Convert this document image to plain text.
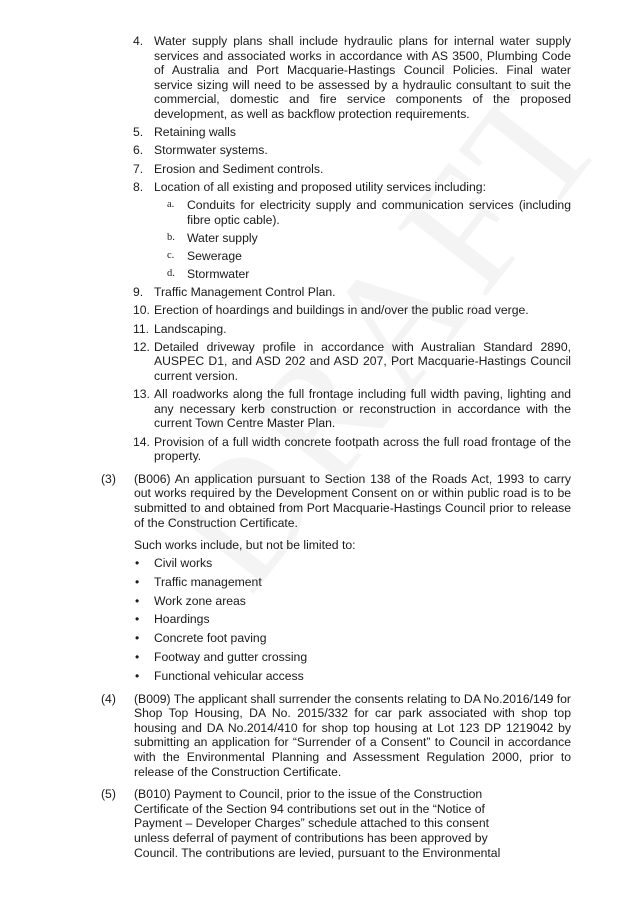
4. Water supply plans shall include hydraulic plans for internal water supply services and associated works in accordance with AS 3500, Plumbing Code of Australia and Port Macquarie-Hastings Council Policies. Final water service sizing will need to be assessed by a hydraulic consultant to suit the commercial, domestic and fire service components of the proposed development, as well as backflow protection requirements.
5. Retaining walls
6. Stormwater systems.
7. Erosion and Sediment controls.
8. Location of all existing and proposed utility services including:
a. Conduits for electricity supply and communication services (including fibre optic cable).
b. Water supply
c. Sewerage
d. Stormwater
9. Traffic Management Control Plan.
10. Erection of hoardings and buildings in and/over the public road verge.
11. Landscaping.
12. Detailed driveway profile in accordance with Australian Standard 2890, AUSPEC D1, and ASD 202 and ASD 207, Port Macquarie-Hastings Council current version.
13. All roadworks along the full frontage including full width paving, lighting and any necessary kerb construction or reconstruction in accordance with the current Town Centre Master Plan.
14. Provision of a full width concrete footpath across the full road frontage of the property.
(3) (B006) An application pursuant to Section 138 of the Roads Act, 1993 to carry out works required by the Development Consent on or within public road is to be submitted to and obtained from Port Macquarie-Hastings Council prior to release of the Construction Certificate.
Such works include, but not be limited to:
• Civil works
• Traffic management
• Work zone areas
• Hoardings
• Concrete foot paving
• Footway and gutter crossing
• Functional vehicular access
(4) (B009) The applicant shall surrender the consents relating to DA No.2016/149 for Shop Top Housing, DA No. 2015/332 for car park associated with shop top housing and DA No.2014/410 for shop top housing at Lot 123 DP 1219042 by submitting an application for “Surrender of a Consent” to Council in accordance with the Environmental Planning and Assessment Regulation 2000, prior to release of the Construction Certificate.
(5) (B010) Payment to Council, prior to the issue of the Construction
Certificate of the Section 94 contributions set out in the “Notice of
Payment – Developer Charges” schedule attached to this consent
unless deferral of payment of contributions has been approved by
Council. The contributions are levied, pursuant to the Environmental
